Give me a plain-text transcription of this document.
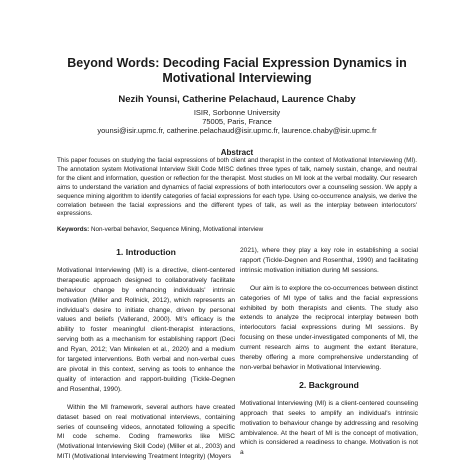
Beyond Words: Decoding Facial Expression Dynamics in Motivational Interviewing
Nezih Younsi, Catherine Pelachaud, Laurence Chaby
ISIR, Sorbonne University
75005, Paris, France
younsi@isir.upmc.fr, catherine.pelachaud@isir.upmc.fr, laurence.chaby@isir.upmc.fr
Abstract
This paper focuses on studying the facial expressions of both client and therapist in the context of Motivational Interviewing (MI). The annotation system Motivational Interview Skill Code MISC defines three types of talk, namely sustain, change, and neutral for the client and information, question or reflection for the therapist. Most studies on MI look at the verbal modality. Our research aims to understand the variation and dynamics of facial expressions of both interlocutors over a counseling session. We apply a sequence mining algorithm to identify categories of facial expressions for each type. Using co-occurrence analysis, we derive the correlation between the facial expressions and the different types of talk, as well as the interplay between interlocutors' expressions.
Keywords: Non-verbal behavior, Sequence Mining, Motivational interview
1. Introduction

Motivational Interviewing (MI) is a directive, client-centered therapeutic approach designed to collaboratively facilitate behaviour change by enhancing individuals' intrinsic motivation (Miller and Rollnick, 2012), which represents an individual's desire to initiate change, driven by personal values and beliefs (Vallerand, 2000). MI's efficacy is the ability to foster meaningful client-therapist interactions, serving both as a mechanism for establishing rapport (Deci and Ryan, 2012; Van Minkelen et al., 2020) and a medium for targeted interventions. Both verbal and non-verbal cues are pivotal in this context, serving as tools to enhance the quality of interaction and rapport-building (Tickle-Degnen and Rosenthal, 1990).

Within the MI framework, several authors have created dataset based on real motivational interviews, containing series of counseling videos, annotated following a specific MI code scheme. Coding frameworks like MISC (Motivational Interviewing Skill Code) (Miller et al., 2003) and MITI (Motivational Interviewing Treatment Integrity) (Moyers

2021), where they play a key role in establishing a social rapport (Tickle-Degnen and Rosenthal, 1990) and facilitating intrinsic motivation initiation during MI sessions.

Our aim is to explore the co-occurrences between distinct categories of MI type of talks and the facial expressions exhibited by both therapists and clients. The study also extends to analyze the reciprocal interplay between both interlocutors facial expressions during MI sessions. By focusing on these under-investigated components of MI, the current research aims to augment the extant literature, thereby offering a more comprehensive understanding of non-verbal behavior in Motivational Interviewing.

2. Background

Motivational Interviewing (MI) is a client-centered counseling approach that seeks to amplify an individual's intrinsic motivation to behaviour change by addressing and resolving ambivalence. At the heart of MI is the concept of motivation, which is considered a readiness to change. Motivation is not a
